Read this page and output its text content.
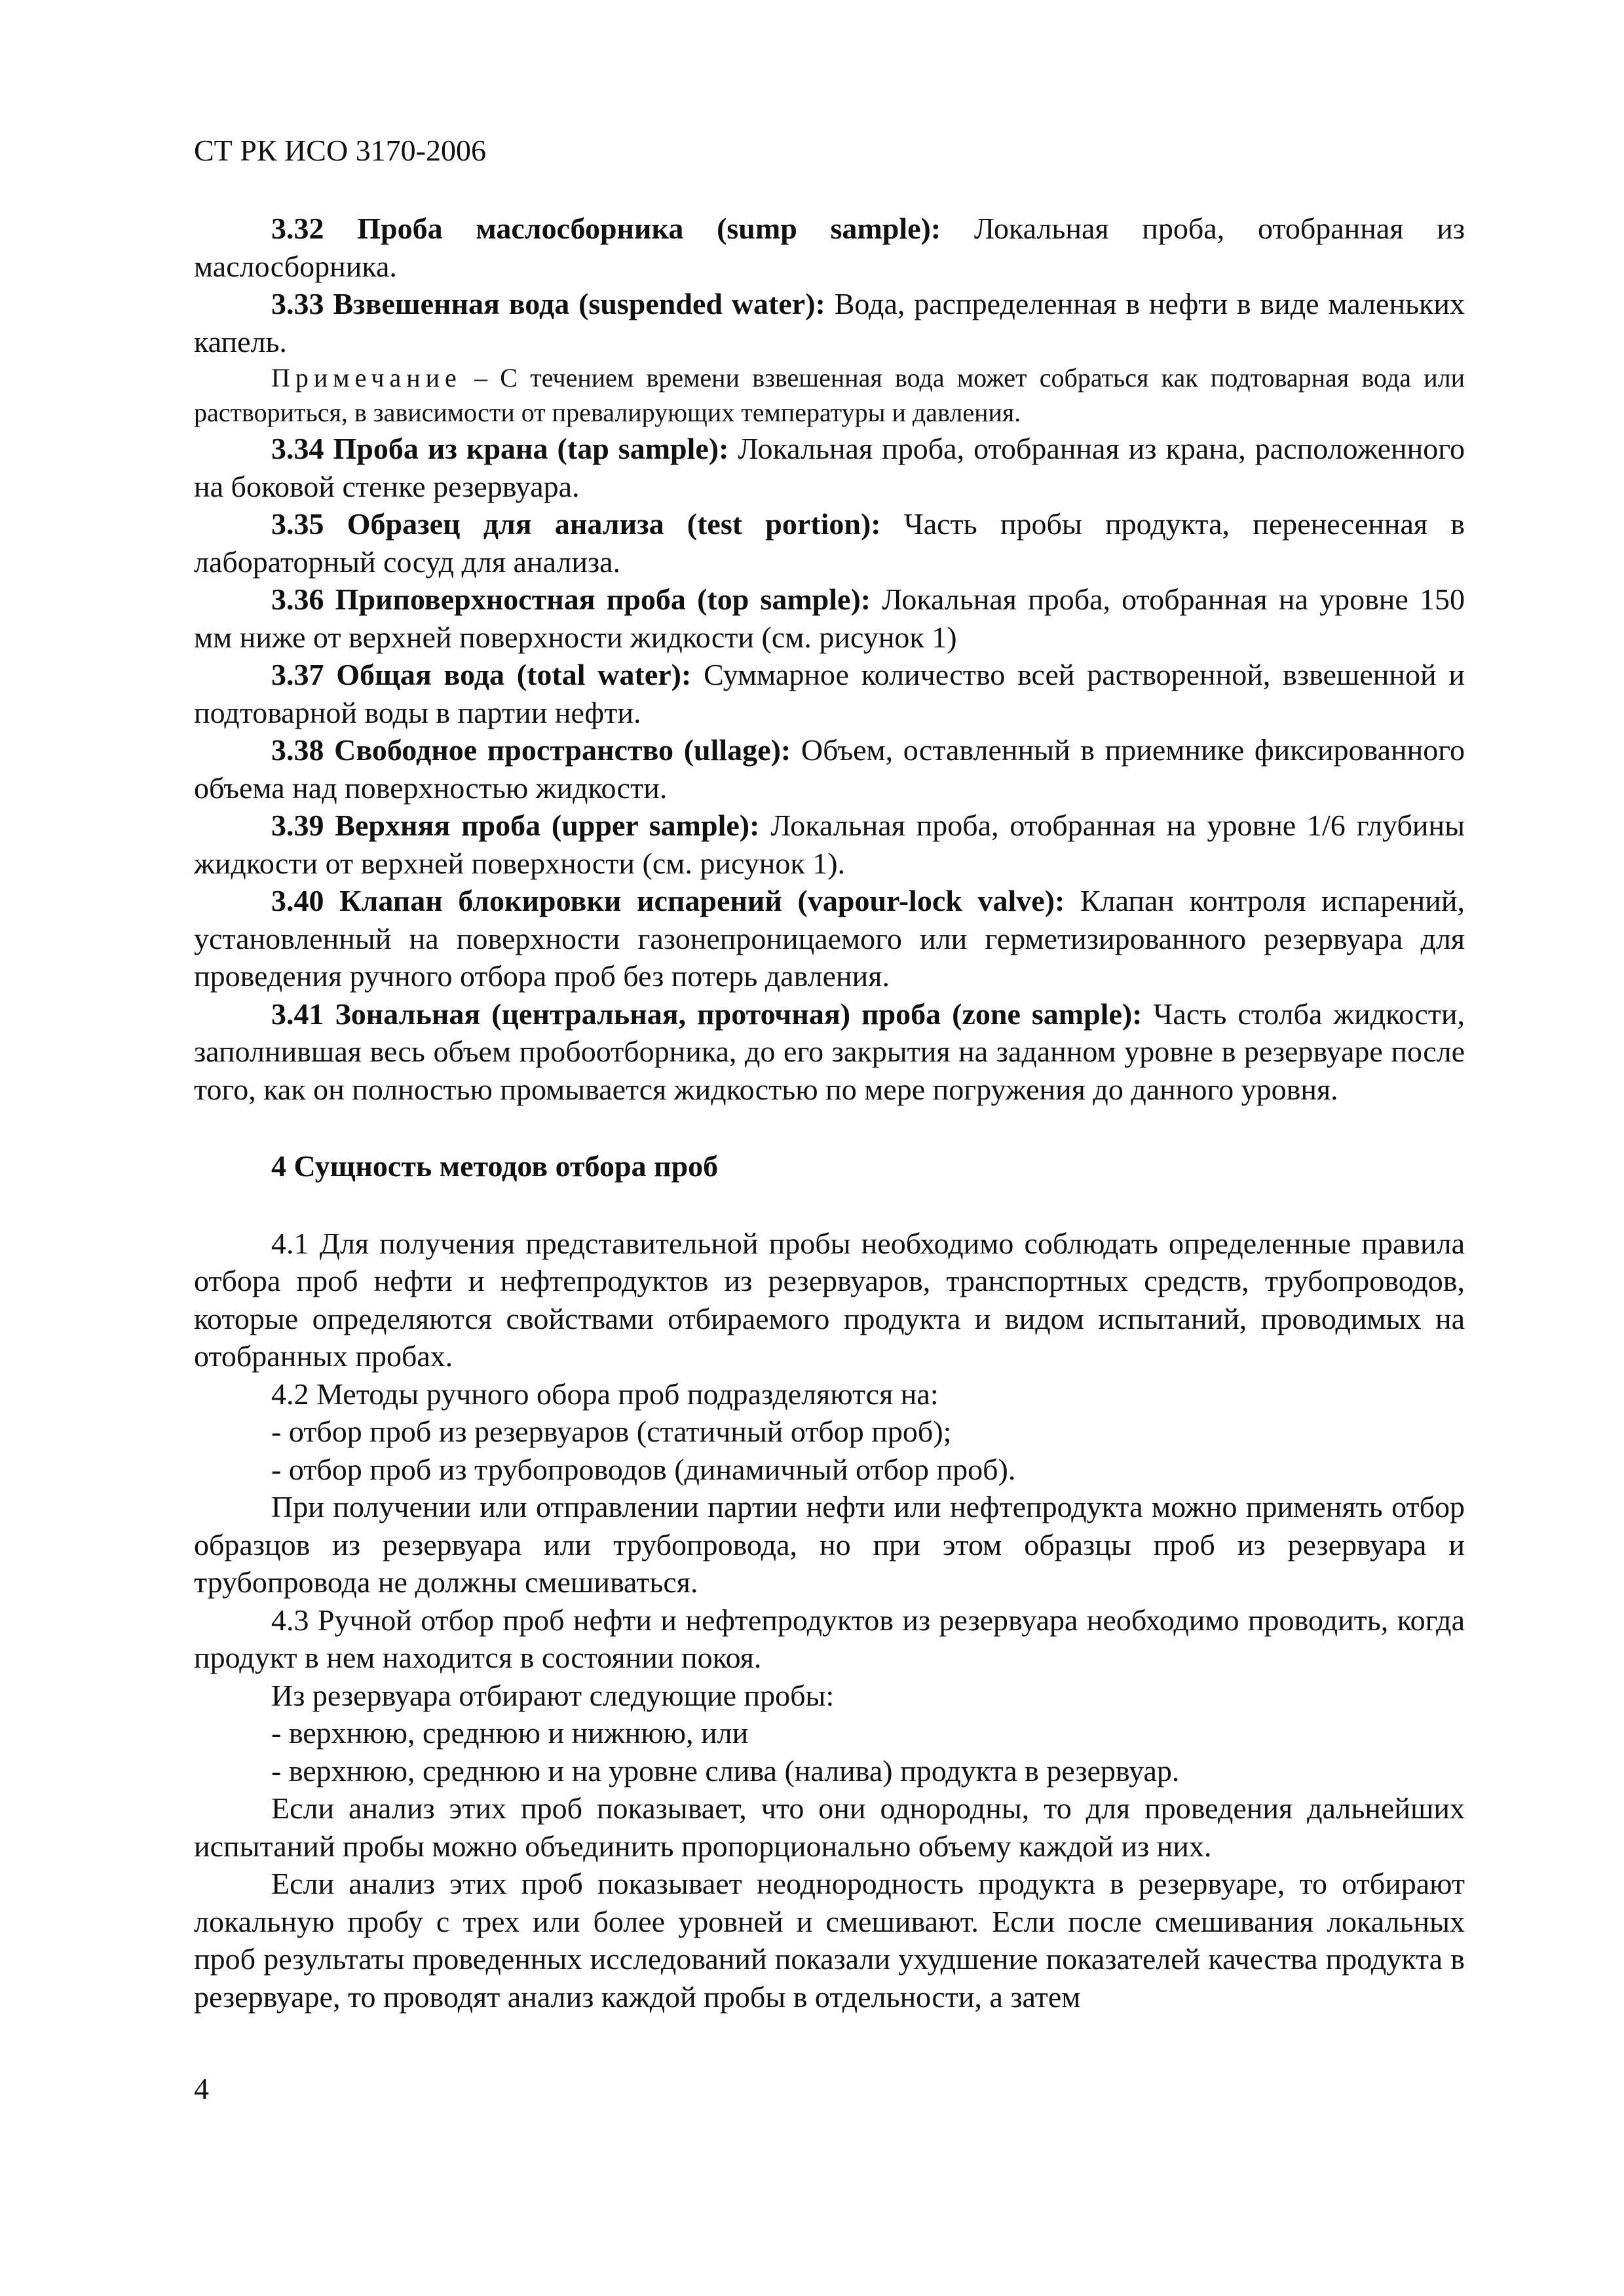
СТ РК ИСО 3170-2006

3.32 Проба маслосборника (sump sample): Локальная проба, отобранная из маслосборника.

3.33 Взвешенная вода (suspended water): Вода, распределенная в нефти в виде маленьких капель.

Примечание – С течением времени взвешенная вода может собраться как подтоварная вода или раствориться, в зависимости от превалирующих температуры и давления.

3.34 Проба из крана (tap sample): Локальная проба, отобранная из крана, расположенного на боковой стенке резервуара.

3.35 Образец для анализа (test portion): Часть пробы продукта, перенесенная в лабораторный сосуд для анализа.

3.36 Приповерхностная проба (top sample): Локальная проба, отобранная на уровне 150 мм ниже от верхней поверхности жидкости (см. рисунок 1)

3.37 Общая вода (total water): Суммарное количество всей растворенной, взвешенной и подтоварной воды в партии нефти.

3.38 Свободное пространство (ullage): Объем, оставленный в приемнике фиксированного объема над поверхностью жидкости.

3.39 Верхняя проба (upper sample): Локальная проба, отобранная на уровне 1/6 глубины жидкости от верхней поверхности (см. рисунок 1).

3.40 Клапан блокировки испарений (vapour-lock valve): Клапан контроля испарений, установленный на поверхности газонепроницаемого или герметизированного резервуара для проведения ручного отбора проб без потерь давления.

3.41 Зональная (центральная, проточная) проба (zone sample): Часть столба жидкости, заполнившая весь объем пробоотборника, до его закрытия на заданном уровне в резервуаре после того, как он полностью промывается жидкостью по мере погружения до данного уровня.

4 Сущность методов отбора проб

4.1 Для получения представительной пробы необходимо соблюдать определенные правила отбора проб нефти и нефтепродуктов из резервуаров, транспортных средств, трубопроводов, которые определяются свойствами отбираемого продукта и видом испытаний, проводимых на отобранных пробах.

4.2 Методы ручного обора проб подразделяются на:

- отбор проб из резервуаров (статичный отбор проб);

- отбор проб из трубопроводов (динамичный отбор проб).

При получении или отправлении партии нефти или нефтепродукта можно применять отбор образцов из резервуара или трубопровода, но при этом образцы проб из резервуара и трубопровода не должны смешиваться.

4.3 Ручной отбор проб нефти и нефтепродуктов из резервуара необходимо проводить, когда продукт в нем находится в состоянии покоя.

Из резервуара отбирают следующие пробы:

- верхнюю, среднюю и нижнюю, или

- верхнюю, среднюю и на уровне слива (налива) продукта в резервуар.

Если анализ этих проб показывает, что они однородны, то для проведения дальнейших испытаний пробы можно объединить пропорционально объему каждой из них.

Если анализ этих проб показывает неоднородность продукта в резервуаре, то отбирают локальную пробу с трех или более уровней и смешивают. Если после смешивания локальных проб результаты проведенных исследований показали ухудшение показателей качества продукта в резервуаре, то проводят анализ каждой пробы в отдельности, а затем

4
